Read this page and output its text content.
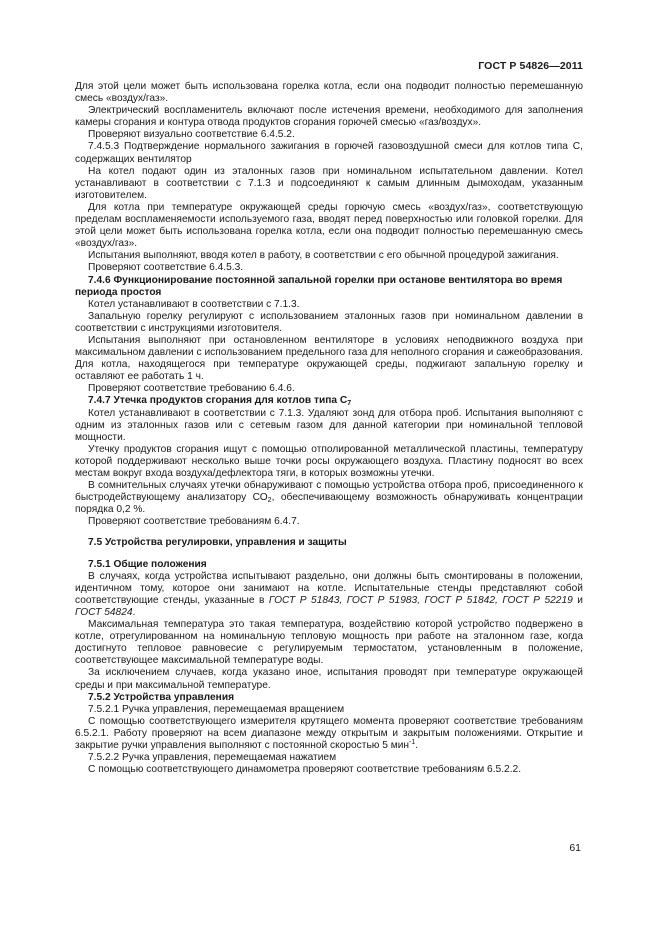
ГОСТ Р 54826—2011

Для этой цели может быть использована горелка котла, если она подводит полностью перемешанную смесь «воздух/газ».

Электрический воспламенитель включают после истечения времени, необходимого для заполнения камеры сгорания и контура отвода продуктов сгорания горючей смесью «газ/воздух».

Проверяют визуально соответствие 6.4.5.2.

7.4.5.3 Подтверждение нормального зажигания в горючей газовоздушной смеси для котлов типа С, содержащих вентилятор

На котел подают один из эталонных газов при номинальном испытательном давлении. Котел устанавливают в соответствии с 7.1.3 и подсоединяют к самым длинным дымоходам, указанным изготовителем.

Для котла при температуре окружающей среды горючую смесь «воздух/газ», соответствующую пределам воспламеняемости используемого газа, вводят перед поверхностью или головкой горелки. Для этой цели может быть использована горелка котла, если она подводит полностью перемешанную смесь «воздух/газ».

Испытания выполняют, вводя котел в работу, в соответствии с его обычной процедурой зажигания.

Проверяют соответствие 6.4.5.3.

7.4.6 Функционирование постоянной запальной горелки при останове вентилятора во время периода простоя

Котел устанавливают в соответствии с 7.1.3.

Запальную горелку регулируют с использованием эталонных газов при номинальном давлении в соответствии с инструкциями изготовителя.

Испытания выполняют при остановленном вентиляторе в условиях неподвижного воздуха при максимальном давлении с использованием предельного газа для неполного сгорания и сажеобразования. Для котла, находящегося при температуре окружающей среды, поджигают запальную горелку и оставляют ее работать 1 ч.

Проверяют соответствие требованию 6.4.6.

7.4.7 Утечка продуктов сгорания для котлов типа $С_7$

Котел устанавливают в соответствии с 7.1.3. Удаляют зонд для отбора проб. Испытания выполняют с одним из эталонных газов или с сетевым газом для данной категории при номинальной тепловой мощности.

Утечку продуктов сгорания ищут с помощью отполированной металлической пластины, температуру которой поддерживают несколько выше точки росы окружающего воздуха. Пластину подносят во всех местам вокруг входа воздуха/дефлектора тяги, в которых возможны утечки.

В сомнительных случаях утечки обнаруживают с помощью устройства отбора проб, присоединенного к быстродействующему анализатору $СО_2$, обеспечивающему возможность обнаруживать концентрации порядка 0,2 %.

Проверяют соответствие требованиям 6.4.7.

7.5 Устройства регулировки, управления и защиты

7.5.1 Общие положения

В случаях, когда устройства испытывают раздельно, они должны быть смонтированы в положении, идентичном тому, которое они занимают на котле. Испытательные стенды представляют собой соответствующие стенды, указанные в ГОСТ Р 51843, ГОСТ Р 51983, ГОСТ Р 51842, ГОСТ Р 52219 и ГОСТ 54824.

Максимальная температура это такая температура, воздействию которой устройство подвержено в котле, отрегулированном на номинальную тепловую мощность при работе на эталонном газе, когда достигнуто тепловое равновесие с регулируемым термостатом, установленным в положение, соответствующее максимальной температуре воды.

За исключением случаев, когда указано иное, испытания проводят при температуре окружающей среды и при максимальной температуре.

7.5.2 Устройства управления

7.5.2.1 Ручка управления, перемещаемая вращением

С помощью соответствующего измерителя крутящего момента проверяют соответствие требованиям 6.5.2.1. Работу проверяют на всем диапазоне между открытым и закрытым положениями. Открытие и закрытие ручки управления выполняют с постоянной скоростью 5 мин$^{-1}$.

7.5.2.2 Ручка управления, перемещаемая нажатием

С помощью соответствующего динамометра проверяют соответствие требованиям 6.5.2.2.

61
